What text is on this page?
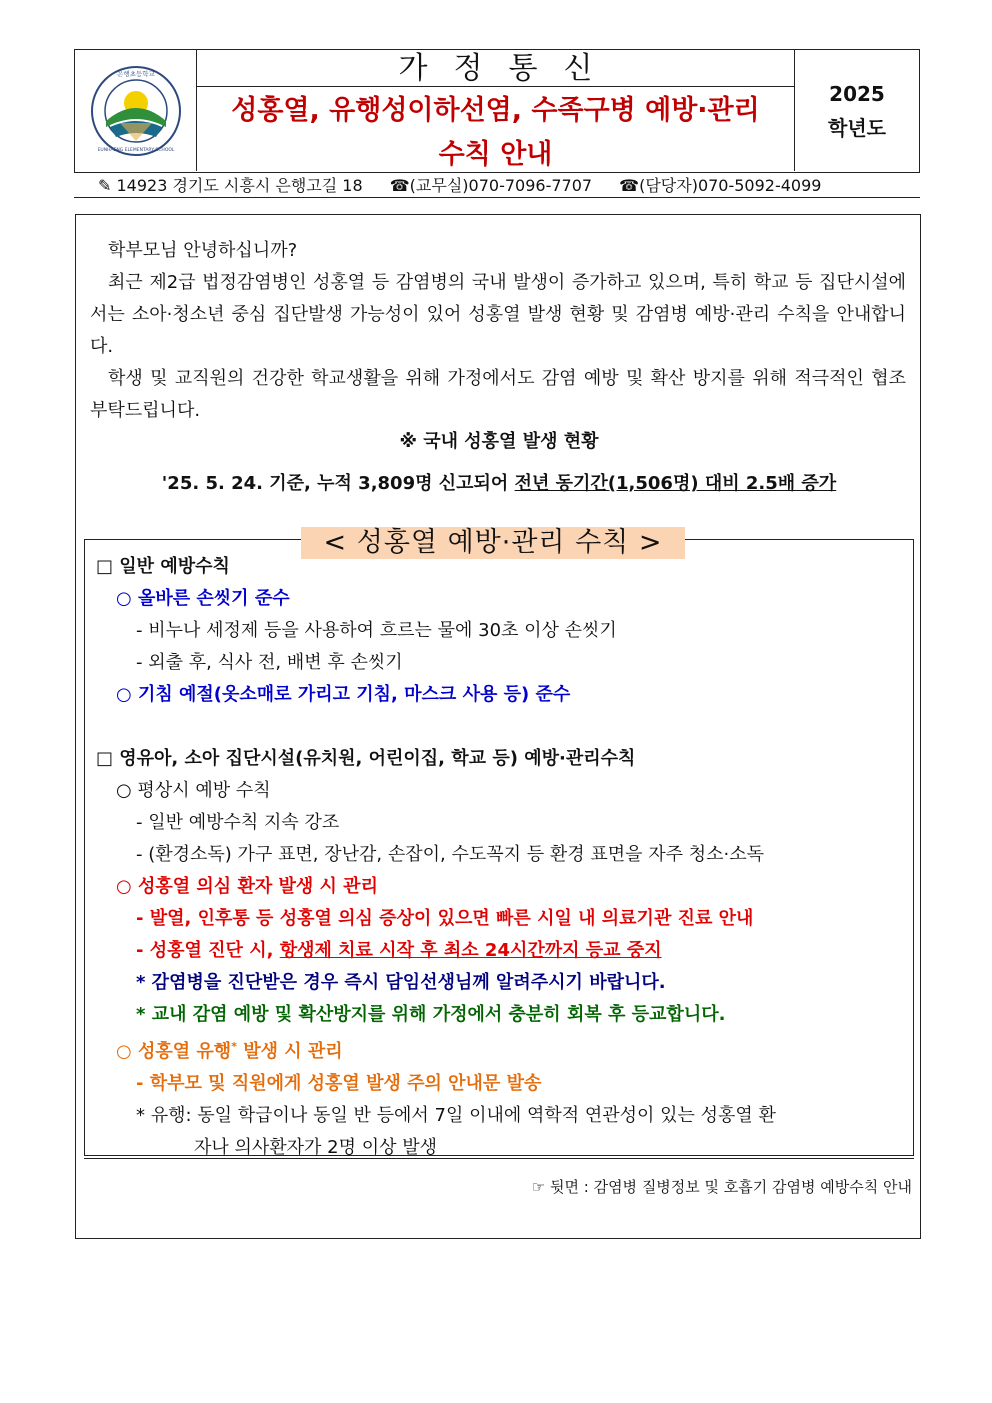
은행초등학교
EUNHAENG ELEMENTARY SCHOOL
가정통신
성홍열, 유행성이하선염, 수족구병 예방·관리
수칙 안내
2025
학년도
✎ 14923 경기도 시흥시 은행고길 18 ☎(교무실)070-7096-7707 ☎(담당자)070-5092-4099

학부모님 안녕하십니까?

최근 제2급 법정감염병인 성홍열 등 감염병의 국내 발생이 증가하고 있으며, 특히 학교 등 집단시설에서는 소아·청소년 중심 집단발생 가능성이 있어 성홍열 발생 현황 및 감염병 예방·관리 수칙을 안내합니다.

학생 및 교직원의 건강한 학교생활을 위해 가정에서도 감염 예방 및 확산 방지를 위해 적극적인 협조 부탁드립니다.

※ 국내 성홍열 발생 현황
'25. 5. 24. 기준, 누적 3,809명 신고되어 전년 동기간(1,506명) 대비 2.5배 증가
< 성홍열 예방·관리 수칙 >
□ 일반 예방수칙
○ 올바른 손씻기 준수
- 비누나 세정제 등을 사용하여 흐르는 물에 30초 이상 손씻기
- 외출 후, 식사 전, 배변 후 손씻기
○ 기침 예절(옷소매로 가리고 기침, 마스크 사용 등) 준수
□ 영유아, 소아 집단시설(유치원, 어린이집, 학교 등) 예방·관리수칙
○ 평상시 예방 수칙
- 일반 예방수칙 지속 강조
- (환경소독) 가구 표면, 장난감, 손잡이, 수도꼭지 등 환경 표면을 자주 청소·소독
○ 성홍열 의심 환자 발생 시 관리
- 발열, 인후통 등 성홍열 의심 증상이 있으면 빠른 시일 내 의료기관 진료 안내
- 성홍열 진단 시, 항생제 치료 시작 후 최소 24시간까지 등교 중지
* 감염병을 진단받은 경우 즉시 담임선생님께 알려주시기 바랍니다.
* 교내 감염 예방 및 확산방지를 위해 가정에서 충분히 회복 후 등교합니다.
○ 성홍열 유행* 발생 시 관리
- 학부모 및 직원에게 성홍열 발생 주의 안내문 발송
* 유행: 동일 학급이나 동일 반 등에서 7일 이내에 역학적 연관성이 있는 성홍열 환
자나 의사환자가 2명 이상 발생
☞ 뒷면 : 감염병 질병정보 및 호흡기 감염병 예방수칙 안내
